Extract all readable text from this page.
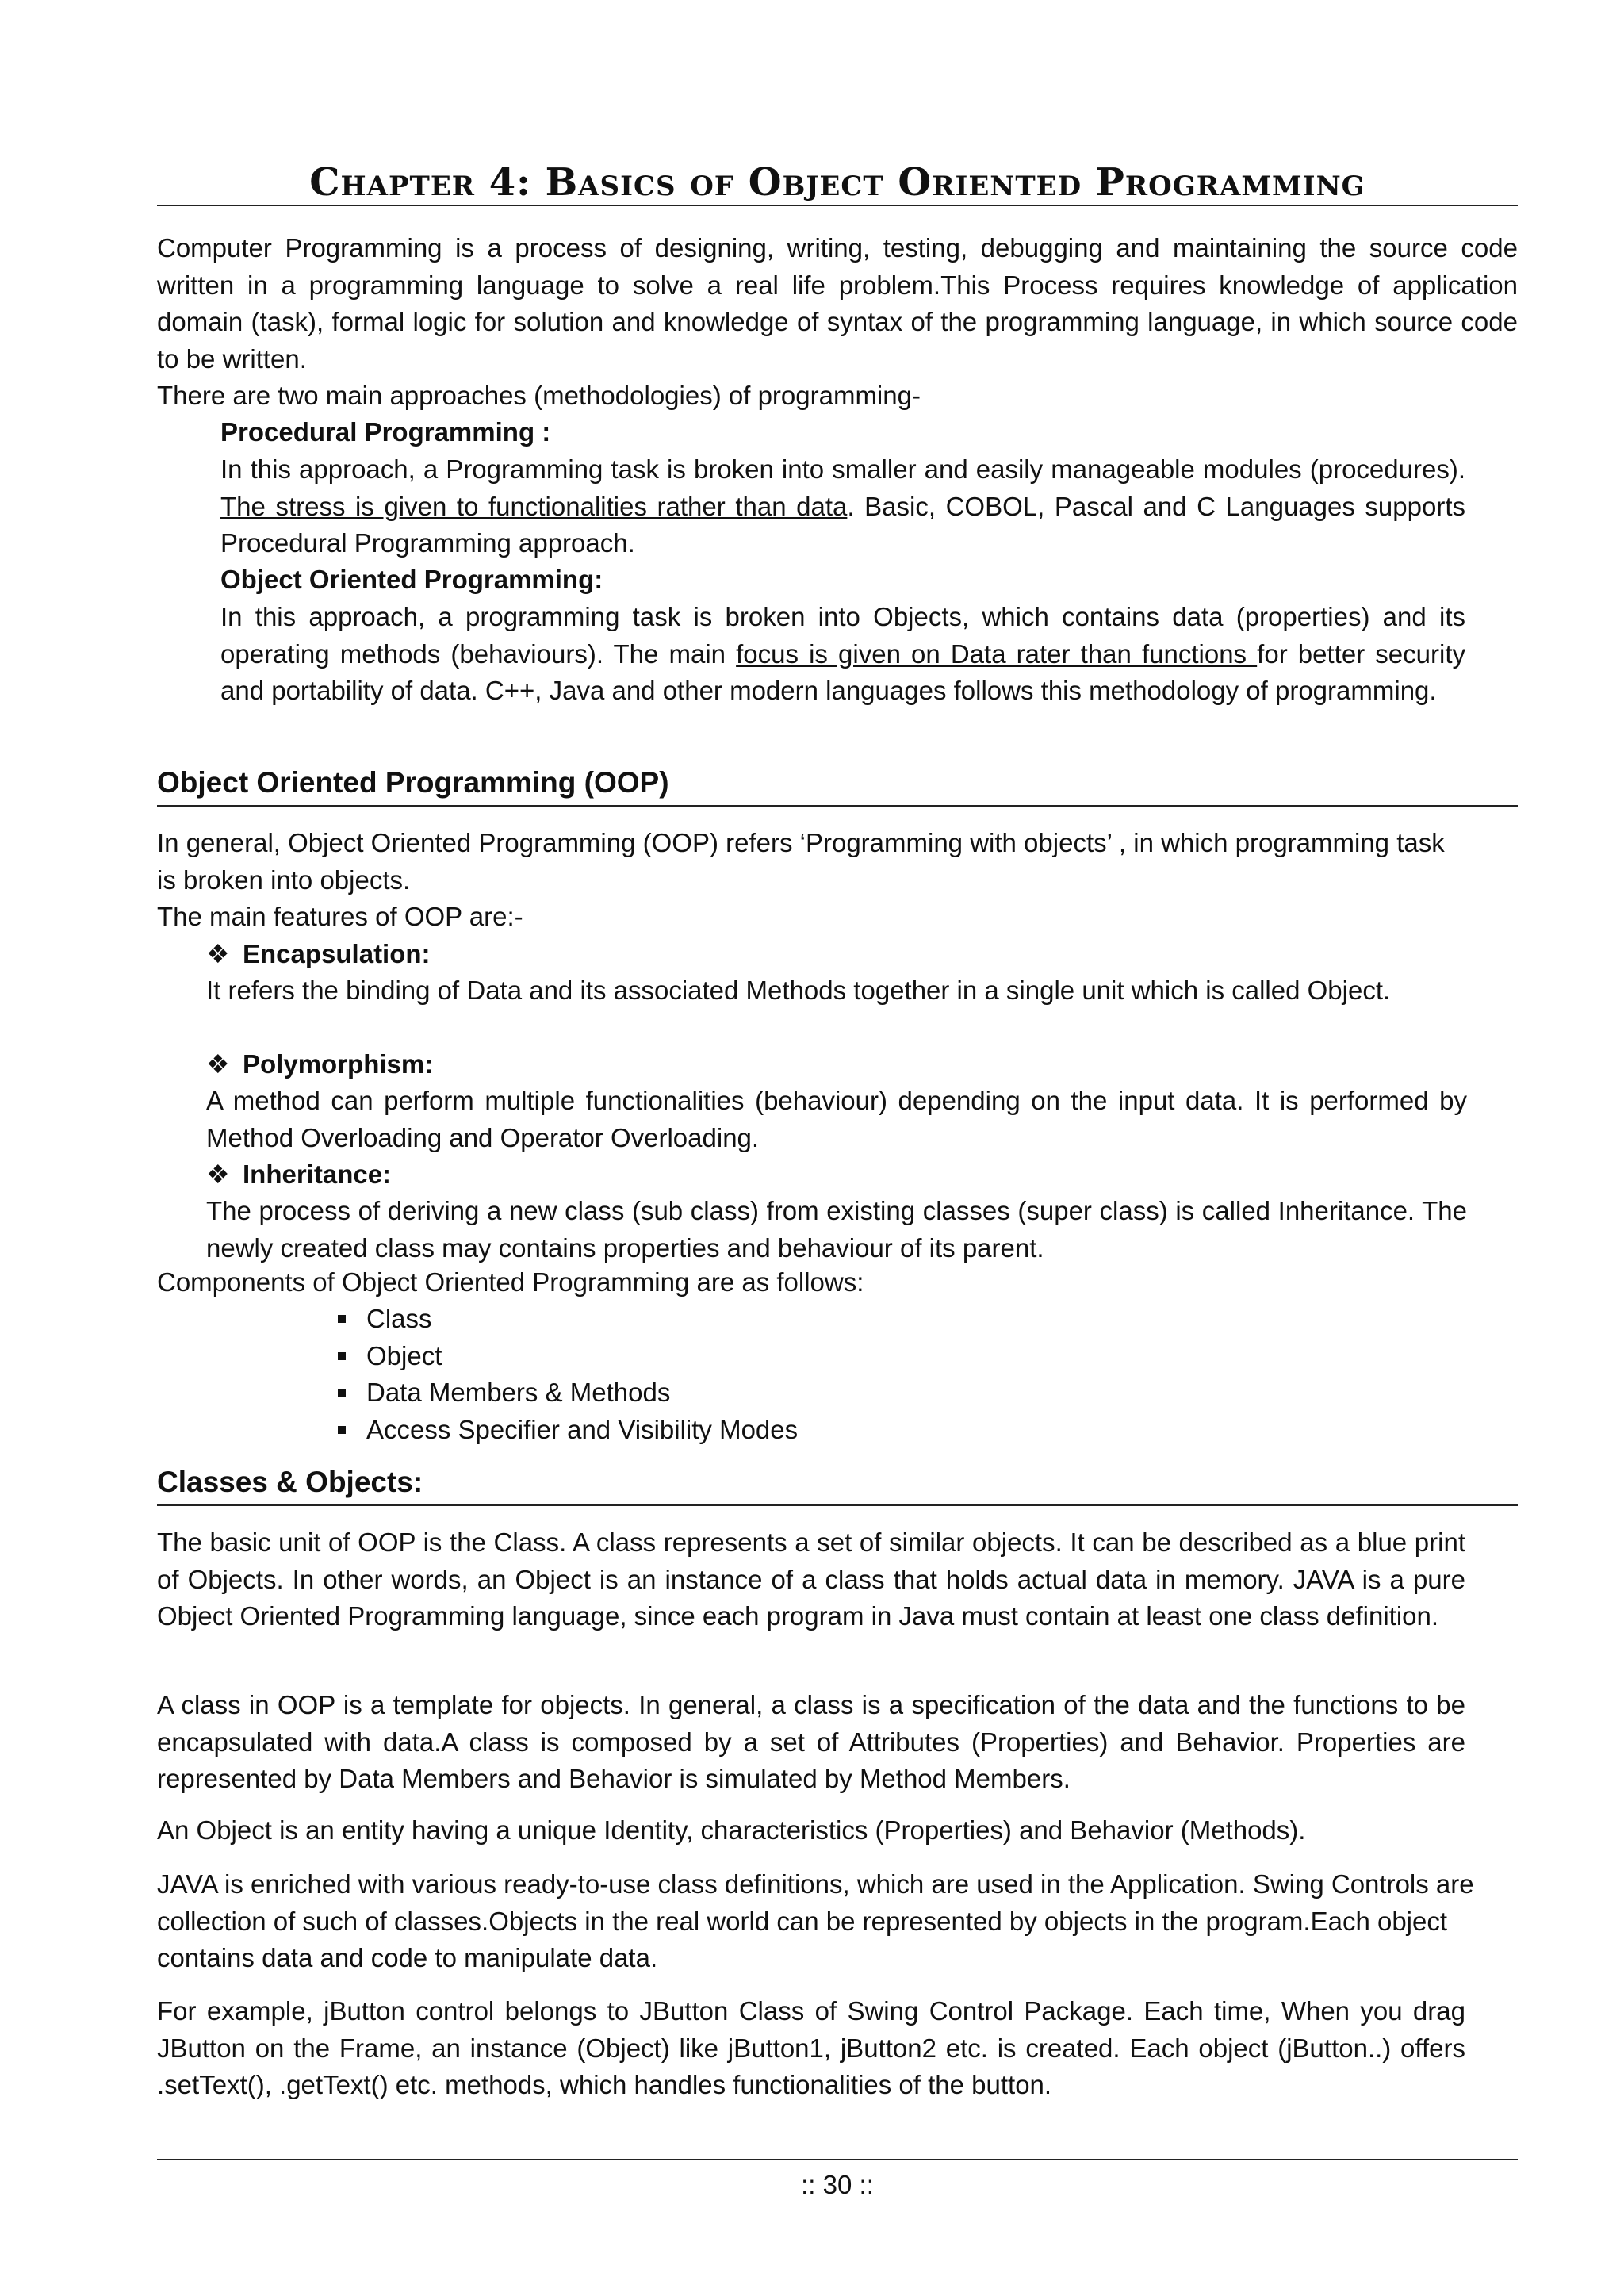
Chapter 4: Basics of Object Oriented Programming
Computer Programming is a process of designing, writing, testing, debugging and maintaining the source code written in a programming language to solve a real life problem.This Process requires knowledge of application domain (task), formal logic for solution and knowledge of syntax of the programming language, in which source code to be written.
There are two main approaches (methodologies) of programming-
Procedural Programming :
In this approach, a Programming task is broken into smaller and easily manageable modules (procedures). The stress is given to functionalities rather than data. Basic, COBOL, Pascal and C Languages supports Procedural Programming approach.
Object Oriented Programming:
In this approach, a programming task is broken into Objects, which contains data (properties) and its operating methods (behaviours). The main focus is given on Data rater than functions for better security and portability of data. C++, Java and other modern languages follows this methodology of programming.
Object Oriented Programming (OOP)
In general, Object Oriented Programming (OOP) refers ‘Programming with objects’ , in which programming task is broken into objects.
The main features of OOP are:-
❖ Encapsulation:
It refers the binding of Data and its associated Methods together in a single unit which is called Object.
❖ Polymorphism:
A method can perform multiple functionalities (behaviour) depending on the input data. It is performed by Method Overloading and Operator Overloading.
❖ Inheritance:
The process of deriving a new class (sub class) from existing classes (super class) is called Inheritance. The newly created class may contains properties and behaviour of its parent.
Components of Object Oriented Programming are as follows:
Class
Object
Data Members & Methods
Access Specifier and Visibility Modes
Classes & Objects:
The basic unit of OOP is the Class. A class represents a set of similar objects. It can be described as a blue print of Objects. In other words, an Object is an instance of a class that holds actual data in memory. JAVA is a pure Object Oriented Programming language, since each program in Java must contain at least one class definition.
A class in OOP is a template for objects. In general, a class is a specification of the data and the functions to be encapsulated with data.A class is composed by a set of Attributes (Properties) and Behavior. Properties are represented by Data Members and Behavior is simulated by Method Members.
An Object is an entity having a unique Identity, characteristics (Properties) and Behavior (Methods).
JAVA is enriched with various ready-to-use class definitions, which are used in the Application. Swing Controls are collection of such of classes.Objects in the real world can be represented by objects in the program.Each object contains data and code to manipulate data.
For example, jButton control belongs to JButton Class of Swing Control Package. Each time, When you drag JButton on the Frame, an instance (Object) like jButton1, jButton2 etc. is created. Each object (jButton..) offers .setText(), .getText() etc. methods, which handles functionalities of the button.
:: 30 ::
